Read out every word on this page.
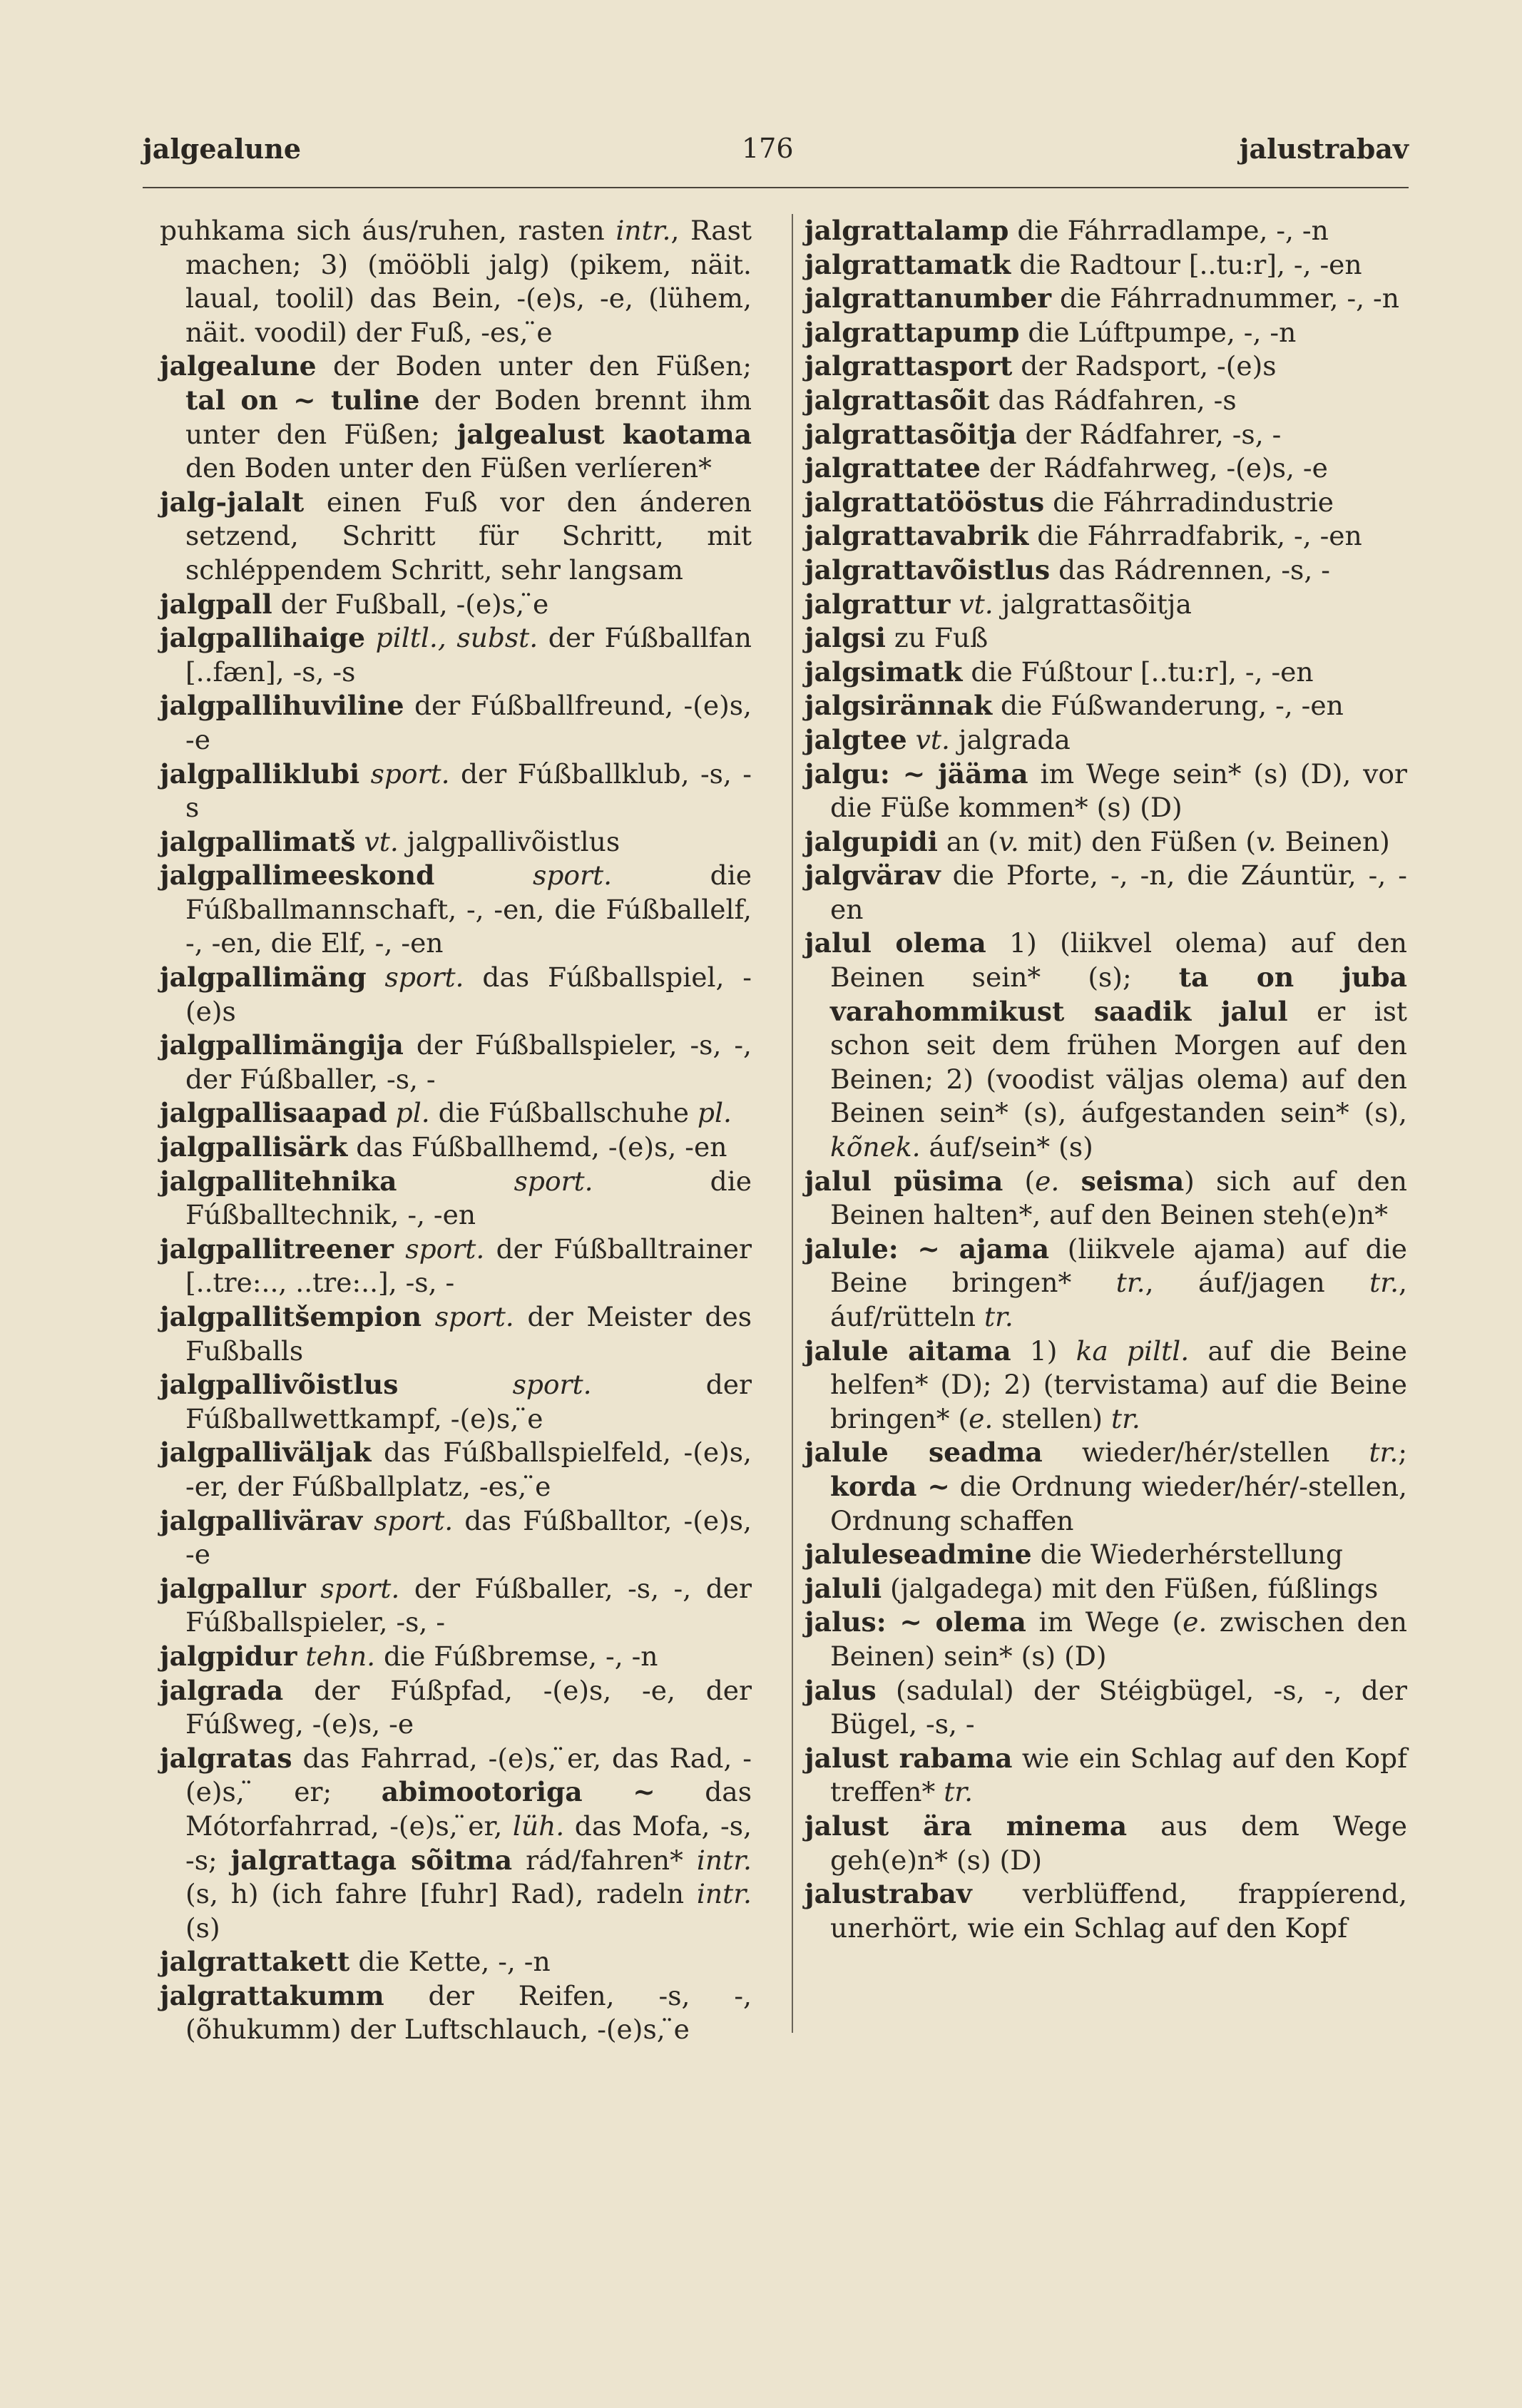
jalgealune	176	jalustrabav

puhkama sich áus/ruhen, rasten intr., Rast machen; 3) (mööbli jalg) (pikem, näit. laual, toolil) das Bein, -(e)s, -e, (lühem, näit. voodil) der Fuß, -es, ̈e

jalgealune der Boden unter den Füßen; tal on ~ tuline der Boden brennt ihm unter den Füßen; jalgealust kaotama den Boden unter den Füßen verlíeren*

jalg-jalalt einen Fuß vor den ánderen setzend, Schritt für Schritt, mit schléppendem Schritt, sehr langsam

jalgpall der Fußball, -(e)s, ̈e

jalgpallihaige piltl., subst. der Fúßballfan [..fæn], -s, -s

jalgpallihuviline der Fúßballfreund, -(e)s, -e

jalgpalliklubi sport. der Fúßballklub, -s, -s

jalgpallimatš vt. jalgpallivõistlus

jalgpallimeeskond	sport. die Fúßballmannschaft, -, -en, die Fúßballelf, -, -en, die Elf, -, -en

jalgpallimäng sport. das Fúßballspiel, -(e)s

jalgpallimängija der Fúßballspieler, -s, -, der Fúßballer, -s, -

jalgpallisaapad pl. die Fúßballschuhe pl.

jalgpallisärk das Fúßballhemd, -(e)s, -en

jalgpallitehnika	sport. die Fúßballtechnik, -, -en

jalgpallitreener sport. der Fúßballtrainer [..tre:.., ..tre:..], -s, -

jalgpallitšempion sport. der Meister des Fußballs

jalgpallivõistlus	sport. der Fúßballwettkampf, -(e)s, ̈e

jalgpalliväljak das Fúßballspielfeld, -(e)s, -er, der Fúßballplatz, -es, ̈e

jalgpallivärav sport. das Fúßballtor, -(e)s, -e

jalgpallur sport. der Fúßballer, -s, -, der Fúßballspieler, -s, -

jalgpidur tehn. die Fúßbremse, -, -n

jalgrada der Fúßpfad, -(e)s, -e, der Fúßweg, -(e)s, -e

jalgratas das Fahrrad, -(e)s, ̈er, das Rad, -(e)s, ̈er; abimootoriga ~ das Mótorfahrrad, -(e)s, ̈er, lüh. das Mofa, -s, -s; jalgrattaga sõitma rád/fahren* intr. (s, h) (ich fahre [fuhr] Rad), radeln intr. (s)

jalgrattakett die Kette, -, -n

jalgrattakumm der Reifen, -s, -, (õhukumm) der Luftschlauch, -(e)s, ̈e

jalgrattalamp die Fáhrradlampe, -, -n

jalgrattamatk die Radtour [..tu:r], -, -en

jalgrattanumber die Fáhrradnummer, -, -n

jalgrattapump die Lúftpumpe, -, -n

jalgrattasport der Radsport, -(e)s

jalgrattasõit das Rádfahren, -s

jalgrattasõitja der Rádfahrer, -s, -

jalgrattatee der Rádfahrweg, -(e)s, -e

jalgrattatööstus die Fáhrradindustrie

jalgrattavabrik die Fáhrradfabrik, -, -en

jalgrattavõistlus das Rádrennen, -s, -

jalgrattur vt. jalgrattasõitja

jalgsi zu Fuß

jalgsimatk die Fúßtour [..tu:r], -, -en

jalgsirännak die Fúßwanderung, -, -en

jalgtee vt. jalgrada

jalgu: ~ jääma im Wege sein* (s) (D), vor die Füße kommen* (s) (D)

jalgupidi an (v. mit) den Füßen (v. Beinen)

jalgvärav die Pforte, -, -n, die Záuntür, -, -en

jalul olema 1) (liikvel olema) auf den Beinen sein* (s); ta on juba varahommikust saadik jalul er ist schon seit dem frühen Morgen auf den Beinen; 2) (voodist väljas olema) auf den Beinen sein* (s), áufgestanden sein* (s), kõnek. áuf/sein* (s)

jalul püsima (e. seisma) sich auf den Beinen halten*, auf den Beinen steh(e)n*

jalule: ~ ajama (liikvele ajama) auf die Beine bringen* tr., áuf/jagen tr., áuf/rütteln tr.

jalule aitama 1) ka piltl. auf die Beine helfen* (D); 2) (tervistama) auf die Beine bringen* (e. stellen) tr.

jalule seadma wieder/hér/stellen tr.; korda ~ die Ordnung wieder/hér/-stellen, Ordnung schaffen

jaluleseadmine die Wiederhérstellung

jaluli (jalgadega) mit den Füßen, fúßlings

jalus: ~ olema im Wege (e. zwischen den Beinen) sein* (s) (D)

jalus (sadulal) der Stéigbügel, -s, -, der Bügel, -s, -

jalust rabama wie ein Schlag auf den Kopf treffen* tr.

jalust ära minema aus dem Wege geh(e)n* (s) (D)

jalustrabav verblüffend, frappíerend, unerhört, wie ein Schlag auf den Kopf
